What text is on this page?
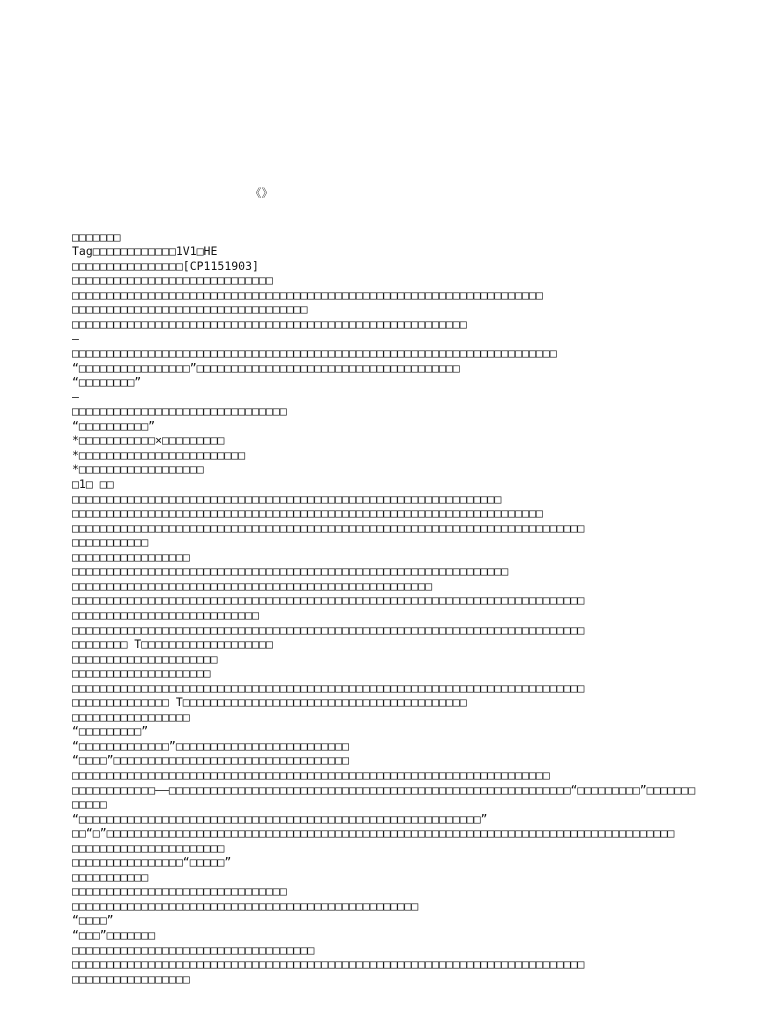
《》

□□□□□□□
Tag□□□□□□□□□□□□1V1□HE
□□□□□□□□□□□□□□□□[CP1151903]
□□□□□□□□□□□□□□□□□□□□□□□□□□□□□
□□□□□□□□□□□□□□□□□□□□□□□□□□□□□□□□□□□□□□□□□□□□□□□□□□□□□□□□□□□□□□□□□□□□
□□□□□□□□□□□□□□□□□□□□□□□□□□□□□□□□□□
□□□□□□□□□□□□□□□□□□□□□□□□□□□□□□□□□□□□□□□□□□□□□□□□□□□□□□□□□
—
□□□□□□□□□□□□□□□□□□□□□□□□□□□□□□□□□□□□□□□□□□□□□□□□□□□□□□□□□□□□□□□□□□□□□□
“□□□□□□□□□□□□□□□□”□□□□□□□□□□□□□□□□□□□□□□□□□□□□□□□□□□□□□□
“□□□□□□□□”
—
□□□□□□□□□□□□□□□□□□□□□□□□□□□□□□□
“□□□□□□□□□□”
*□□□□□□□□□□□×□□□□□□□□□
*□□□□□□□□□□□□□□□□□□□□□□□□
*□□□□□□□□□□□□□□□□□□
□1□ □□
□□□□□□□□□□□□□□□□□□□□□□□□□□□□□□□□□□□□□□□□□□□□□□□□□□□□□□□□□□□□□□
□□□□□□□□□□□□□□□□□□□□□□□□□□□□□□□□□□□□□□□□□□□□□□□□□□□□□□□□□□□□□□□□□□□□
□□□□□□□□□□□□□□□□□□□□□□□□□□□□□□□□□□□□□□□□□□□□□□□□□□□□□□□□□□□□□□□□□□□□□□□□□□
□□□□□□□□□□□
□□□□□□□□□□□□□□□□□
□□□□□□□□□□□□□□□□□□□□□□□□□□□□□□□□□□□□□□□□□□□□□□□□□□□□□□□□□□□□□□□
□□□□□□□□□□□□□□□□□□□□□□□□□□□□□□□□□□□□□□□□□□□□□□□□□□□□
□□□□□□□□□□□□□□□□□□□□□□□□□□□□□□□□□□□□□□□□□□□□□□□□□□□□□□□□□□□□□□□□□□□□□□□□□□
□□□□□□□□□□□□□□□□□□□□□□□□□□□
□□□□□□□□□□□□□□□□□□□□□□□□□□□□□□□□□□□□□□□□□□□□□□□□□□□□□□□□□□□□□□□□□□□□□□□□□□
□□□□□□□□ T□□□□□□□□□□□□□□□□□□□
□□□□□□□□□□□□□□□□□□□□□
□□□□□□□□□□□□□□□□□□□□
□□□□□□□□□□□□□□□□□□□□□□□□□□□□□□□□□□□□□□□□□□□□□□□□□□□□□□□□□□□□□□□□□□□□□□□□□□
□□□□□□□□□□□□□□ T□□□□□□□□□□□□□□□□□□□□□□□□□□□□□□□□□□□□□□□□□
□□□□□□□□□□□□□□□□□
“□□□□□□□□□”
“□□□□□□□□□□□□□”□□□□□□□□□□□□□□□□□□□□□□□□□
“□□□□”□□□□□□□□□□□□□□□□□□□□□□□□□□□□□□□□□□
□□□□□□□□□□□□□□□□□□□□□□□□□□□□□□□□□□□□□□□□□□□□□□□□□□□□□□□□□□□□□□□□□□□□□
□□□□□□□□□□□□——□□□□□□□□□□□□□□□□□□□□□□□□□□□□□□□□□□□□□□□□□□□□□□□□□□□□□□□□□□“□□□□□□□□□”□□□□□□□
□□□□□
“□□□□□□□□□□□□□□□□□□□□□□□□□□□□□□□□□□□□□□□□□□□□□□□□□□□□□□□□□□”
□□“□”□□□□□□□□□□□□□□□□□□□□□□□□□□□□□□□□□□□□□□□□□□□□□□□□□□□□□□□□□□□□□□□□□□□□□□□□□□□□□□□□□□
□□□□□□□□□□□□□□□□□□□□□□
□□□□□□□□□□□□□□□□“□□□□□”
□□□□□□□□□□□
□□□□□□□□□□□□□□□□□□□□□□□□□□□□□□□
□□□□□□□□□□□□□□□□□□□□□□□□□□□□□□□□□□□□□□□□□□□□□□□□□□
“□□□□”
“□□□”□□□□□□□
□□□□□□□□□□□□□□□□□□□□□□□□□□□□□□□□□□□
□□□□□□□□□□□□□□□□□□□□□□□□□□□□□□□□□□□□□□□□□□□□□□□□□□□□□□□□□□□□□□□□□□□□□□□□□□
□□□□□□□□□□□□□□□□□
